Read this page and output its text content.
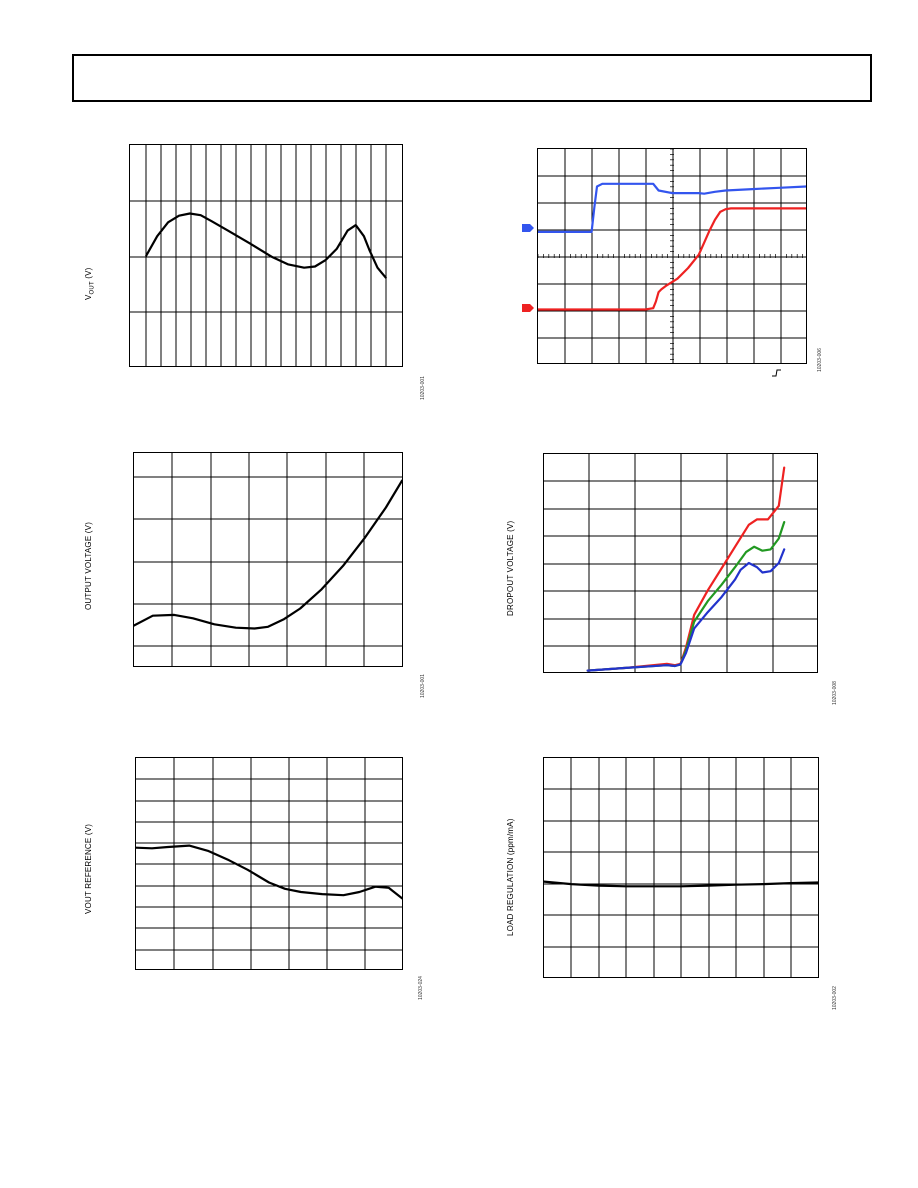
$V_{OUT}$ (V)
10203-001
10203-006
OUTPUT VOLTAGE (V)
10203-001
DROPOUT VOLTAGE (V)
10203-008
VOUT REFERENCE (V)
10203-024
LOAD REGULATION (ppm/mA)
10203-002
